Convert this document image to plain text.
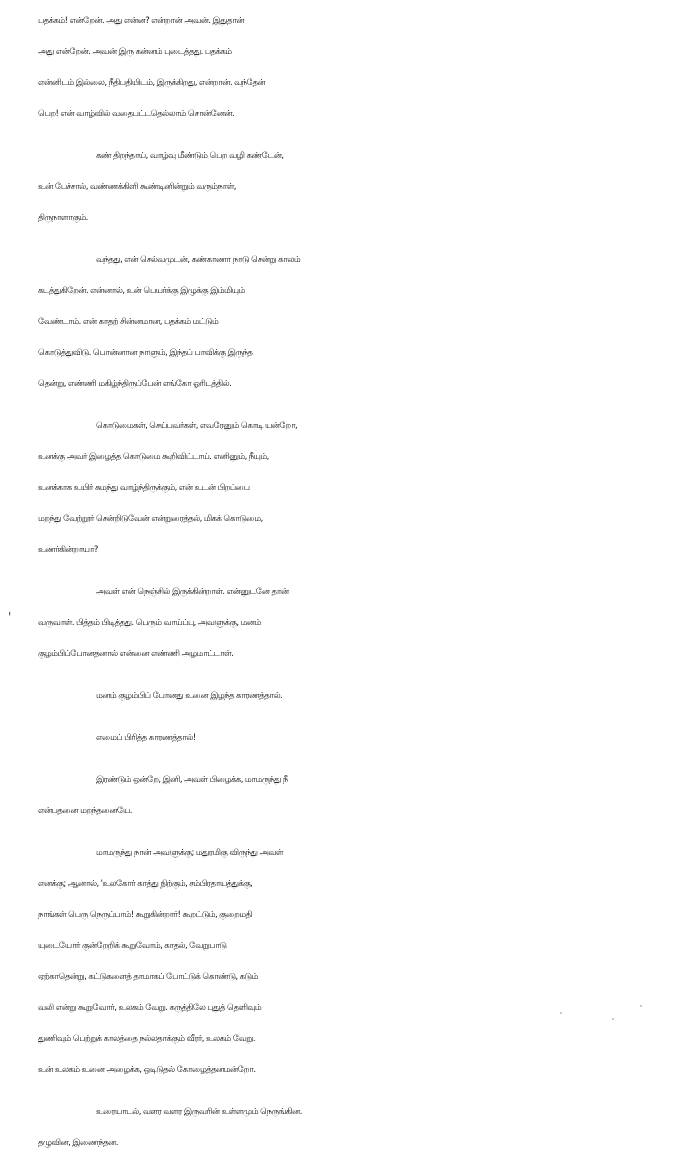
'

பதக்கம்! என்றேன். அது என்ன? என்றான் அவன். இதுதான்
அது என்றேன். அவன் இரு கன்னம் புடைத்தது. பதக்கம்
என்னிடம் இல்லை, நீதிபதியிடம், இருக்கிறது, என்றான். வந்தேன்
பெற! என் வாழ்வில் வதைபட்டதெல்லாம் சொன்னேன்.

கண் திறந்தாய், வாழ்வு மீண்டும் பெற வழி கண்டேன்,
உன் பேச்சால், வண்ணக்கிளி கூண்டினின்றும் வரும்நாள்,
திருநாளாகும்.

வந்தது, என் செல்வமுடன், கண்காணா நாடு சென்று காலம்
கடத்துகிறேன். என்னால், உன் பெயர்க்கு இழுக்கு இம்மியும்
வேண்டாம். என் காதற் சின்னமான, பதக்கம் மட்டும்
கொடுத்துவிடு. பொன்னான நாளும், இந்தப் பாவிக்கு இருந்த
தென்று, எண்ணி மகிழ்ந்திருப்பேன் எங்கோ ஓரிடத்தில்.

கொடுமைகள், செய்பவர்கள், எவரேனும் கொடி யன்றோ,
உனக்கு அவர் இழைத்த கொடுமை கூறிவிட்டாய். எனினும், நீயும்,
உனக்காக உயிர் சுமந்து வாழ்ந்திருக்கும், என் உடன் பிறப்பை
மறந்து வேற்றூர் சென்றிடுவேன் என்றுரைத்தல், மிகக் கொடுமை,
உணர்கின்றாயா?

அவள் என் நெஞ்சில் இருக்கின்றாள். என்னுடனே தான்
வருவாள். பித்தம் பிடித்தது. பெரும் வாய்ப்பு, அவளுக்கு, மனம்
குழம்பிப்போனதனால் என்னை எண்ணி அழமாட்டாள்.

மனம் குழம்பிப் போனது உனை இழந்த காரணத்தால்.

எமைப் பிரித்த காரணத்தால்!

இரண்டும் ஒன்றே, இனி, அவள் பிழைக்க, மாமருந்து நீ
என்பதனை மறந்தனையே.

மாமருந்து நான் அவளுக்கு; மதுரமிகு விருந்து அவள்
எனக்கு; ஆனால், 'உலகோர் காத்து நிற்கும், சம்பிரதாயத்துக்கு,
நாங்கள் பெரு நெருப்பாம்! கூறுகின்றார்! கூறட்டும், குறைமதி
யுடையோர் குன்றேறிக் கூறுவோம், காதல், வேறுபாடு
ஏற்காதென்று, கட்டுகளைத் தாமாகப் போட்டுக் கொண்டு, கடும்
வலி என்று கூறுவோர், உலகம் வேறு. கருத்திலே புதுத் தெளிவும்
துணிவும் பெற்றுக் காலத்தை நல்லதாக்கும் வீரர், உலகம் வேறு.
உன் உலகம் உனை அழைக்க, ஒடிடுதல் கோழைத்தனமன்றோ.

உரையாடல், வளர வளர இருவரின் உள்ளமும் நெருங்கின.
தழுவின, இணைந்தன.
